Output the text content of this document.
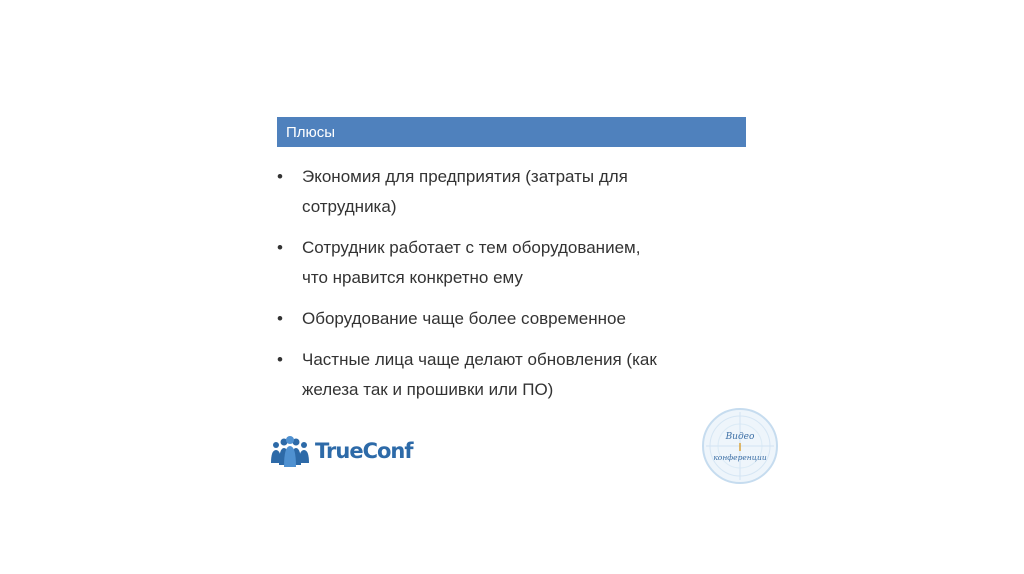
Плюсы
• Экономия для предприятия (затраты для
сотрудника)
• Сотрудник работает с тем оборудованием,
что нравится конкретно ему
• Оборудование чаще более современное
• Частные лица чаще делают обновления (как
железа так и прошивки или ПО)
TrueConf
Видео
конференции
